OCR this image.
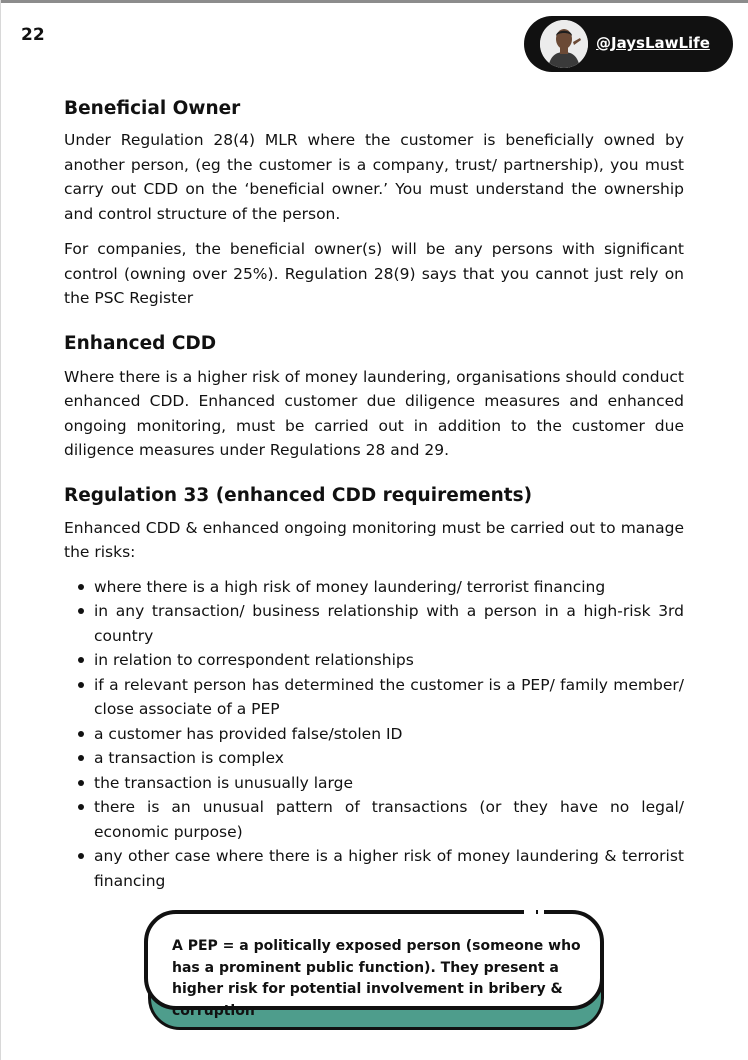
22	@JaysLawLife
Beneficial Owner

Under Regulation 28(4) MLR where the customer is beneficially owned by another person, (eg the customer is a company, trust/ partnership), you must carry out CDD on the ‘beneficial owner.’ You must understand the ownership and control structure of the person.

For companies, the beneficial owner(s) will be any persons with significant control (owning over 25%). Regulation 28(9) says that you cannot just rely on the PSC Register

Enhanced CDD

Where there is a higher risk of money laundering, organisations should conduct enhanced CDD. Enhanced customer due diligence measures and enhanced ongoing monitoring, must be carried out in addition to the customer due diligence measures under Regulations 28 and 29.

Regulation 33 (enhanced CDD requirements)

Enhanced CDD & enhanced ongoing monitoring must be carried out to manage the risks:

where there is a high risk of money laundering/ terrorist financing
in any transaction/ business relationship with a person in a high-risk 3rd country
in relation to correspondent relationships
if a relevant person has determined the customer is a PEP/ family member/ close associate of a PEP
a customer has provided false/stolen ID
a transaction is complex
the transaction is unusually large
there is an unusual pattern of transactions (or they have no legal/ economic purpose)
any other case where there is a higher risk of money laundering & terrorist financing
A PEP = a politically exposed person (someone who has a prominent public function). They present a higher risk for potential involvement in bribery & corruption
